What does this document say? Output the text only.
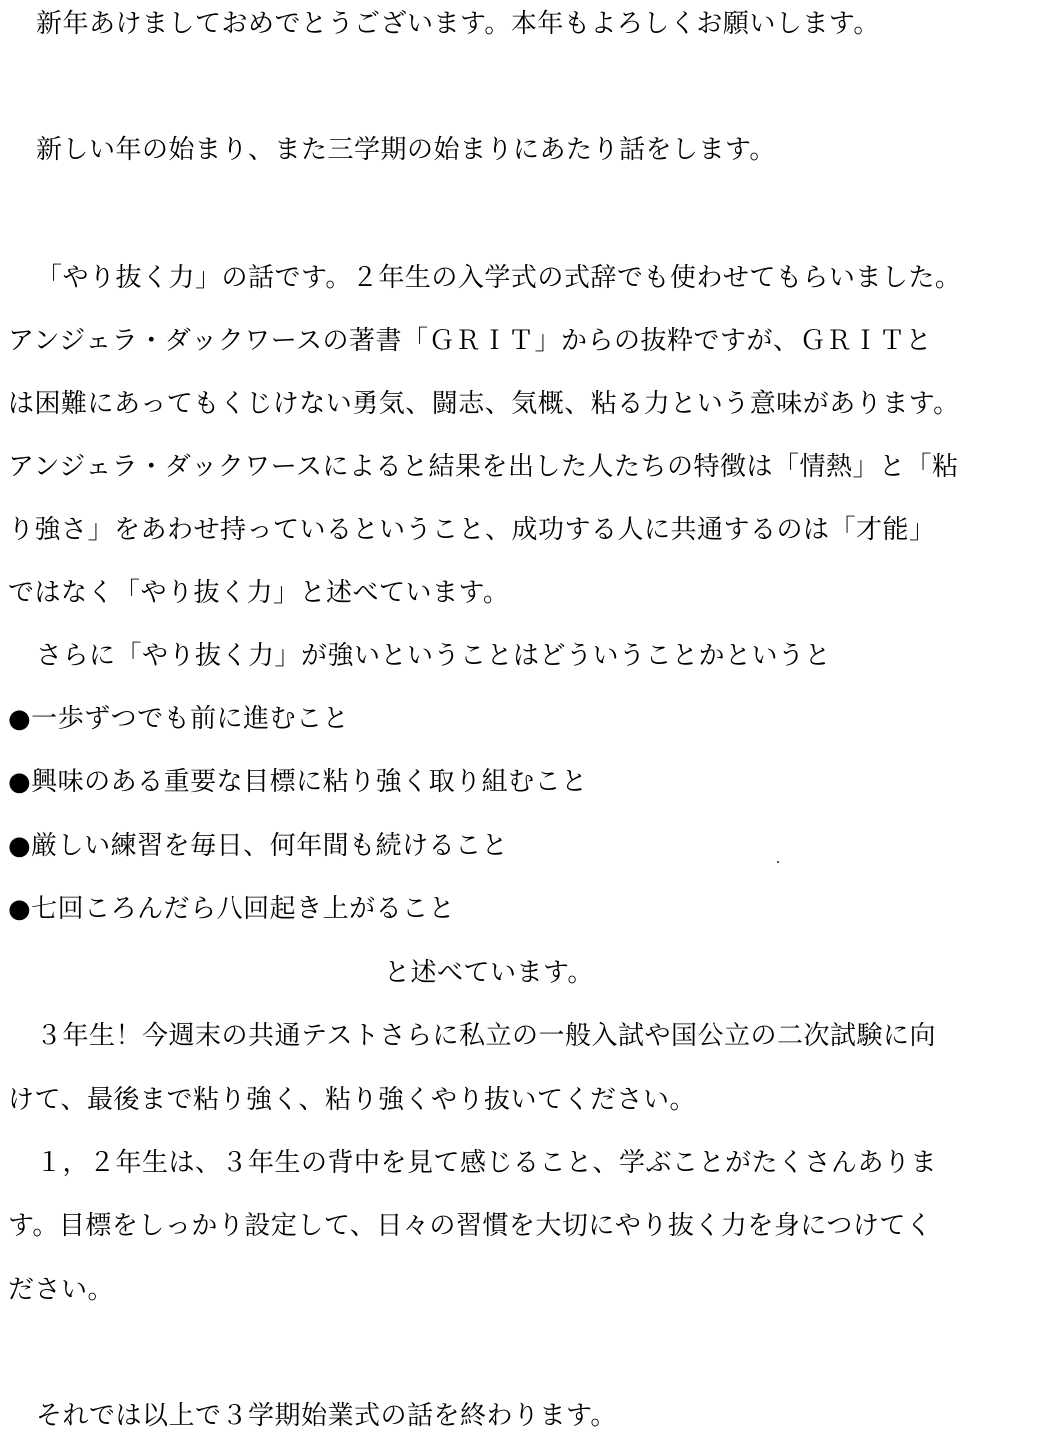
新年あけましておめでとうございます。本年もよろしくお願いします。
新しい年の始まり、また三学期の始まりにあたり話をします。
「やり抜く力」の話です。２年生の入学式の式辞でも使わせてもらいました。
アンジェラ・ダックワースの著書「ＧＲＩＴ」からの抜粋ですが、ＧＲＩＴと
は困難にあってもくじけない勇気、闘志、気概、粘る力という意味があります。
アンジェラ・ダックワースによると結果を出した人たちの特徴は「情熱」と「粘
り強さ」をあわせ持っているということ、成功する人に共通するのは「才能」
ではなく「やり抜く力」と述べています。
さらに「やり抜く力」が強いということはどういうことかというと
●一歩ずつでも前に進むこと
●興味のある重要な目標に粘り強く取り組むこと
●厳しい練習を毎日、何年間も続けること
●七回ころんだら八回起き上がること
と述べています。
３年生！今週末の共通テストさらに私立の一般入試や国公立の二次試験に向
けて、最後まで粘り強く、粘り強くやり抜いてください。
１，２年生は、３年生の背中を見て感じること、学ぶことがたくさんありま
す。目標をしっかり設定して、日々の習慣を大切にやり抜く力を身につけてく
ださい。
それでは以上で３学期始業式の話を終わります。
